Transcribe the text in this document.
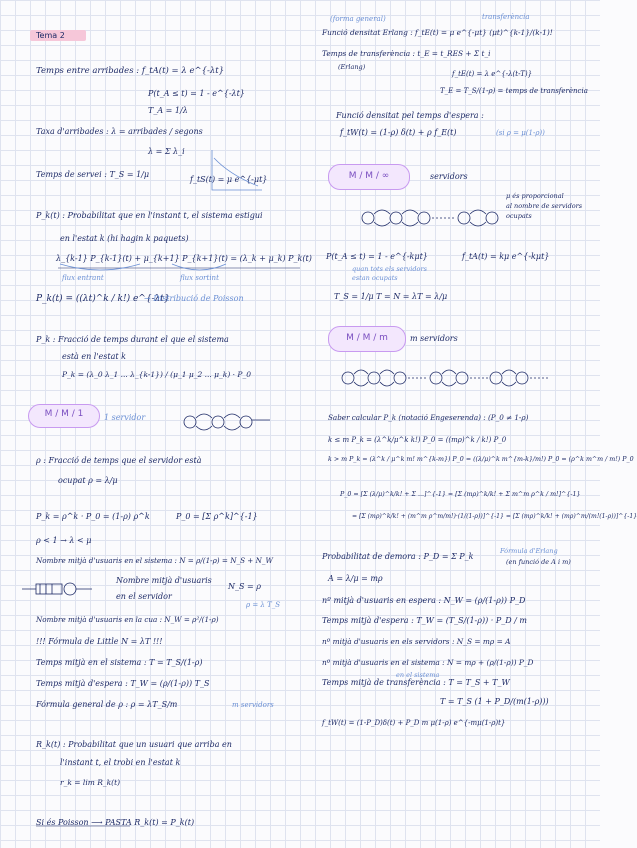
Tema 2
Temps entre arribades : f_tA(t) = λ e^{-λt}
P(t_A ≤ t) = 1 - e^{-λt}
T_A = 1/λ
Taxa d'arribades : λ = arribades / segons
λ = Σ λ_i
Temps de servei : T_S = 1/μ
f_tS(t) = μ e^{-μt}
P_k(t) : Probabilitat que en l'instant t, el sistema estigui
en l'estat k (hi hagin k paquets)
λ_{k-1} P_{k-1}(t) + μ_{k+1} P_{k+1}(t) = (λ_k + μ_k) P_k(t)
flux entrant	flux sortint
P_k(t) = ((λt)^k / k!) e^{-λt}
→ Distribució de Poisson
P_k : Fracció de temps durant el que el sistema
està en l'estat k
P_k = (λ_0 λ_1 ... λ_{k-1}) / (μ_1 μ_2 ... μ_k) · P_0
M / M / 1	1 servidor
ρ : Fracció de temps que el servidor està
ocupat ρ = λ/μ
P_k = ρ^k · P_0 = (1-ρ) ρ^k	P_0 = [Σ ρ^k]^{-1}
ρ < 1 → λ < μ
Nombre mitjà d'usuaris en el sistema : N = ρ/(1-ρ) = N_S + N_W
Nombre mitjà d'usuaris
en el servidor
N_S = ρ
ρ = λ T_S
Nombre mitjà d'usuaris en la cua : N_W = ρ²/(1-ρ)
!!! Fórmula de Little N = λT !!!
Temps mitjà en el sistema : T = T_S/(1-ρ)
Temps mitjà d'espera : T_W = (ρ/(1-ρ)) T_S
Fórmula general de ρ : ρ = λT_S/m	m servidors
R_k(t) : Probabilitat que un usuari que arriba en
l'instant t, el trobi en l'estat k
r_k = lim R_k(t)
Si és Poisson ⟶ PASTA R_k(t) = P_k(t)
(forma general)	transferència
Funció densitat Erlang : f_tE(t) = μ e^{-μt} (μt)^{k-1}/(k-1)!
Temps de transferència : t_E = t_RES + Σ t_i
(Erlang)
f_tE(t) = λ e^{-λ(t-T)}
T_E = T_S/(1-ρ) = temps de transferència
Funció densitat pel temps d'espera :
f_tW(t) = (1-ρ) δ(t) + ρ f_E(t)	(si ρ = μ(1-ρ))
M / M / ∞	servidors
μ és proporcional
al nombre de servidors
ocupats
P(t_A ≤ t) = 1 - e^{-kμt}	f_tA(t) = kμ e^{-kμt}
quan tots els servidors
estan ocupats
T_S = 1/μ T = N = λT = λ/μ
M / M / m	m servidors
Saber calcular P_k (notació Engeserenda) : (P_0 ≠ 1-ρ)
k ≤ m P_k = (λ^k/μ^k k!) P_0 = ((mρ)^k / k!) P_0
k > m P_k = (λ^k / μ^k m! m^{k-m}) P_0 = ((λ/μ)^k m^{m-k}/m!) P_0 = (ρ^k m^m / m!) P_0
P_0 = [Σ (λ/μ)^k/k! + Σ ...]^{-1} = [Σ (mρ)^k/k! + Σ m^m ρ^k / m!]^{-1}
= [Σ (mρ)^k/k! + (m^m ρ^m/m!)·(1/(1-ρ))]^{-1} = [Σ (mρ)^k/k! + (mρ)^m/(m!(1-ρ))]^{-1}
Probabilitat de demora : P_D = Σ P_k
Fórmula d'Erlang
(en funció de A i m)
A = λ/μ = mρ
nº mitjà d'usuaris en espera : N_W = (ρ/(1-ρ)) P_D
Temps mitjà d'espera : T_W = (T_S/(1-ρ)) · P_D / m
nº mitjà d'usuaris en els servidors : N_S = mρ = A
nº mitjà d'usuaris en el sistema : N = mρ + (ρ/(1-ρ)) P_D
en el sistema
Temps mitjà de transferència : T = T_S + T_W
T = T_S (1 + P_D/(m(1-ρ)))
f_tW(t) = (1-P_D)δ(t) + P_D m μ(1-ρ) e^{-mμ(1-ρ)t}
